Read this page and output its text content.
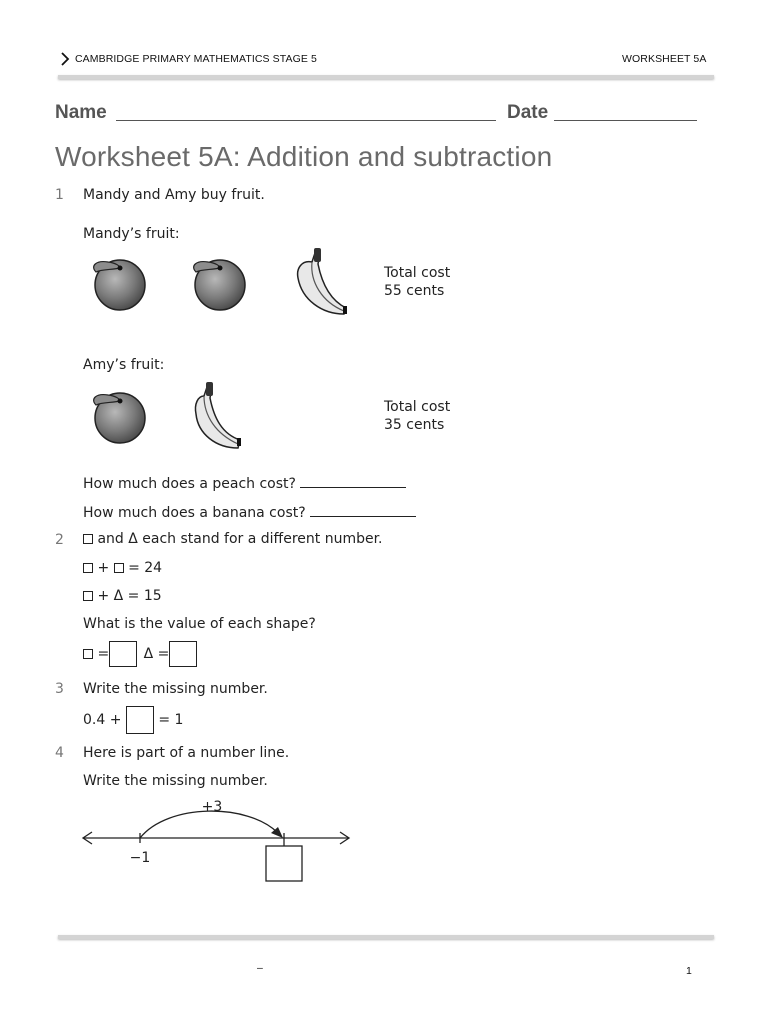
CAMBRIDGE PRIMARY MATHEMATICS STAGE 5	WORKSHEET 5A
Name	Date
Worksheet 5A: Addition and subtraction
1 Mandy and Amy buy fruit.
Mandy’s fruit:
Total cost
55 cents
Amy’s fruit:
Total cost
35 cents
How much does a peach cost?
How much does a banana cost?
2	and Δ each stand for a different number.
+  = 24
+ Δ = 15
What is the value of each shape?
= Δ =
3 Write the missing number.
0.4 +	= 1
4 Here is part of a number line.
Write the missing number.
+3
−1
–	1
